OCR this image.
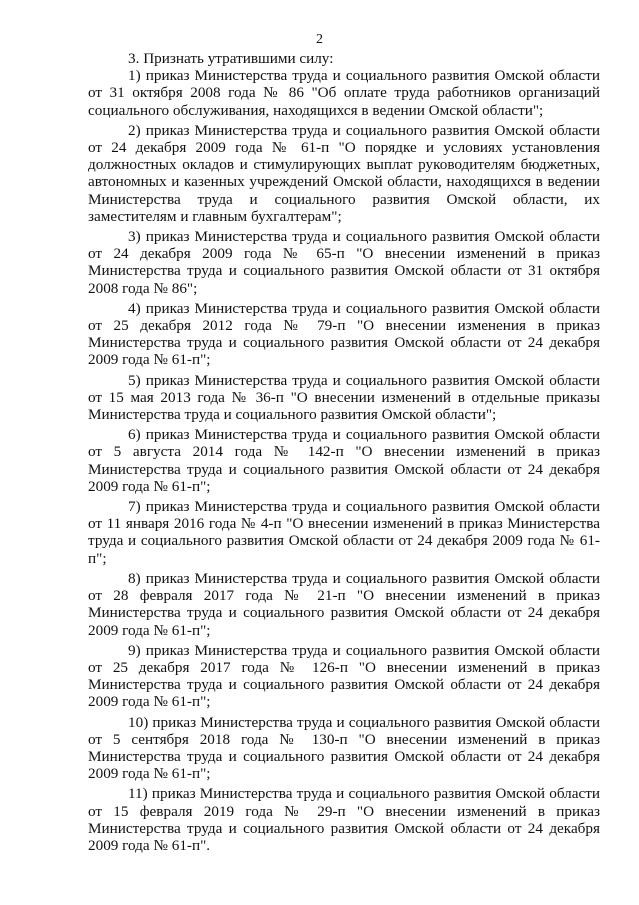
2

3. Признать утратившими силу:

1) приказ Министерства труда и социального развития Омской области от 31 октября 2008 года № 86 "Об оплате труда работников организаций социального обслуживания, находящихся в ведении Омской области";

2) приказ Министерства труда и социального развития Омской области от 24 декабря 2009 года № 61-п "О порядке и условиях установления должностных окладов и стимулирующих выплат руководителям бюджетных, автономных и казенных учреждений Омской области, находящихся в ведении Министерства труда и социального развития Омской области, их заместителям и главным бухгалтерам";

3) приказ Министерства труда и социального развития Омской области от 24 декабря 2009 года № 65-п "О внесении изменений в приказ Министерства труда и социального развития Омской области от 31 октября 2008 года № 86";

4) приказ Министерства труда и социального развития Омской области от 25 декабря 2012 года № 79-п "О внесении изменения в приказ Министерства труда и социального развития Омской области от 24 декабря 2009 года № 61-п";

5) приказ Министерства труда и социального развития Омской области от 15 мая 2013 года № 36-п "О внесении изменений в отдельные приказы Министерства труда и социального развития Омской области";

6) приказ Министерства труда и социального развития Омской области от 5 августа 2014 года № 142-п "О внесении изменений в приказ Министерства труда и социального развития Омской области от 24 декабря 2009 года № 61-п";

7) приказ Министерства труда и социального развития Омской области от 11 января 2016 года № 4-п "О внесении изменений в приказ Министерства труда и социального развития Омской области от 24 декабря 2009 года № 61-п";

8) приказ Министерства труда и социального развития Омской области от 28 февраля 2017 года № 21-п "О внесении изменений в приказ Министерства труда и социального развития Омской области от 24 декабря 2009 года № 61-п";

9) приказ Министерства труда и социального развития Омской области от 25 декабря 2017 года № 126-п "О внесении изменений в приказ Министерства труда и социального развития Омской области от 24 декабря 2009 года № 61-п";

10) приказ Министерства труда и социального развития Омской области от 5 сентября 2018 года № 130-п "О внесении изменений в приказ Министерства труда и социального развития Омской области от 24 декабря 2009 года № 61-п";

11) приказ Министерства труда и социального развития Омской области от 15 февраля 2019 года № 29-п "О внесении изменений в приказ Министерства труда и социального развития Омской области от 24 декабря 2009 года № 61-п".
